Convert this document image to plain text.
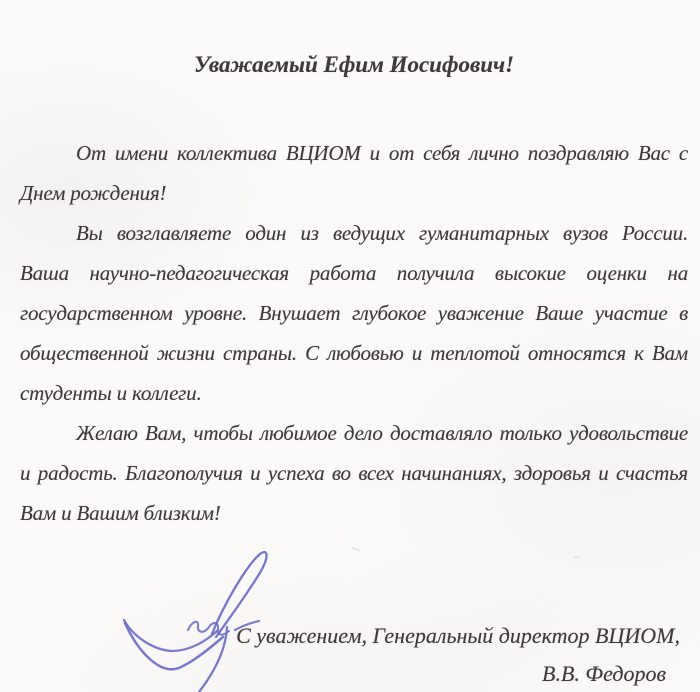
Уважаемый Ефим Иосифович!
От имени коллектива ВЦИОМ и от себя лично поздравляю Вас с
Днем рождения!
Вы возглавляете один из ведущих гуманитарных вузов России.
Ваша научно-педагогическая работа получила высокие оценки на
государственном уровне. Внушает глубокое уважение Ваше участие в
общественной жизни страны. С любовью и теплотой относятся к Вам
студенты и коллеги.
Желаю Вам, чтобы любимое дело доставляло только удовольствие
и радость. Благополучия и успеха во всех начинаниях, здоровья и счастья
Вам и Вашим близким!
С уважением, Генеральный директор ВЦИОМ,
В.В. Федоров
